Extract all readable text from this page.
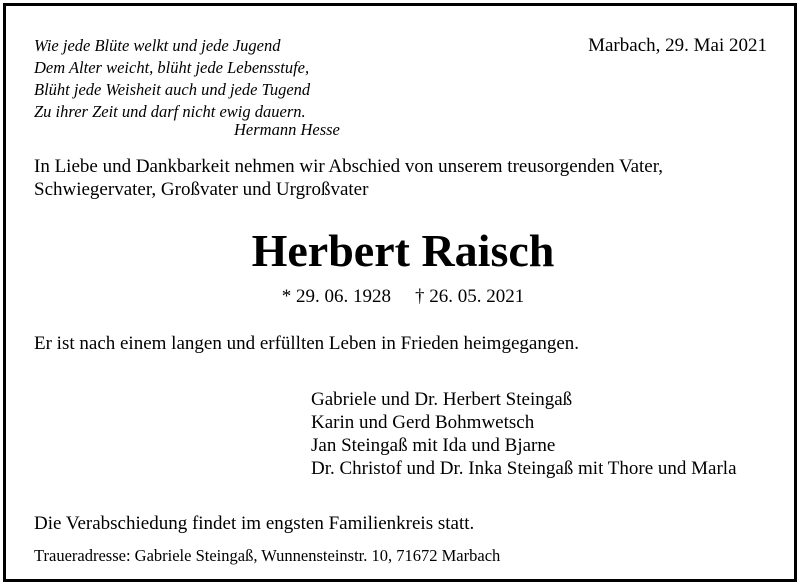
Wie jede Blüte welkt und jede Jugend
Dem Alter weicht, blüht jede Lebensstufe,
Blüht jede Weisheit auch und jede Tugend
Zu ihrer Zeit und darf nicht ewig dauern.
Hermann Hesse
Marbach, 29. Mai 2021
In Liebe und Dankbarkeit nehmen wir Abschied von unserem treusorgenden Vater,
Schwiegervater, Großvater und Urgroßvater
Herbert Raisch
* 29. 06. 1928 † 26. 05. 2021
Er ist nach einem langen und erfüllten Leben in Frieden heimgegangen.
Gabriele und Dr. Herbert Steingaß
Karin und Gerd Bohmwetsch
Jan Steingaß mit Ida und Bjarne
Dr. Christof und Dr. Inka Steingaß mit Thore und Marla
Die Verabschiedung findet im engsten Familienkreis statt.
Traueradresse: Gabriele Steingaß, Wunnensteinstr. 10, 71672 Marbach
